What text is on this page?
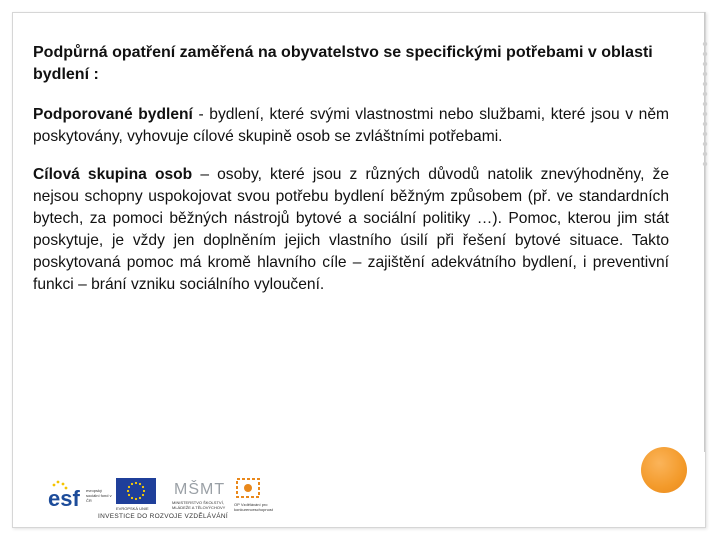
Podpůrná opatření zaměřená na obyvatelstvo se specifickými potřebami v oblasti bydlení :

Podporované bydlení - bydlení, které svými vlastnostmi nebo službami, které jsou v něm poskytovány, vyhovuje cílové skupině osob se zvláštními potřebami.

Cílová skupina osob – osoby, které jsou z různých důvodů natolik znevýhodněny, že nejsou schopny uspokojovat svou potřebu bydlení běžným způsobem (př. ve standardních bytech, za pomoci běžných nástrojů bytové a sociální politiky …). Pomoc, kterou jim stát poskytuje, je vždy jen doplněním jejich vlastního úsilí při řešení bytové situace. Takto poskytovaná pomoc má kromě hlavního cíle – zajištění adekvátního bydlení, i preventivní funkci – brání vzniku sociálního vyloučení.

esf evropský sociální fond v ČR
EVROPSKÁ UNIE
MŠMT
MINISTERSTVO ŠKOLSTVÍ, MLÁDEŽE A TĚLOVÝCHOVY
OP Vzdělávání pro konkurenceschopnost
INVESTICE DO ROZVOJE VZDĚLÁVÁNÍ
